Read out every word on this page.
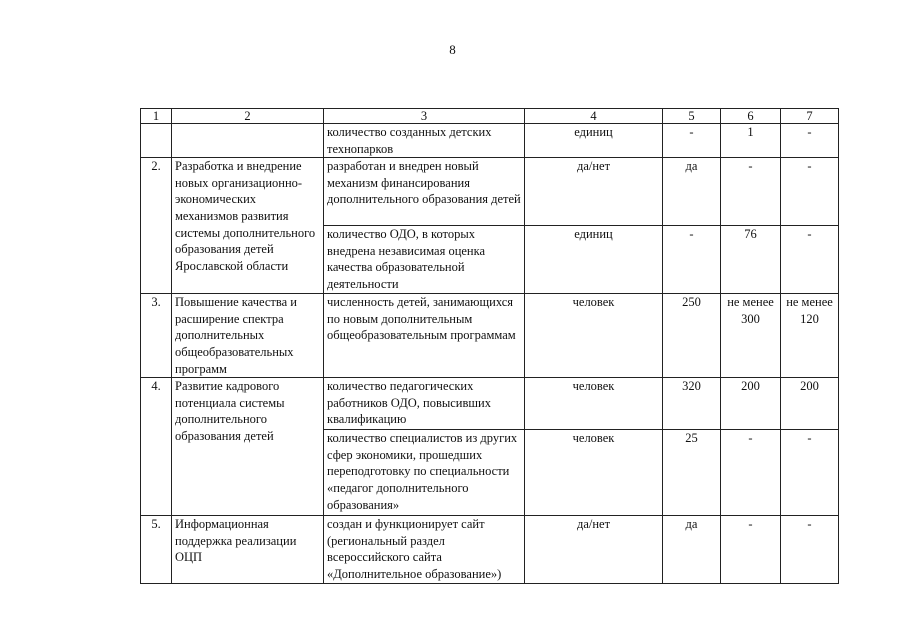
8
1	2	3	4	5	6	7
		количество созданных детских технопарков	единиц	-	1	-
2.	Разработка и внедрение новых организационно-экономических механизмов развития системы дополнительного образования детей Ярославской области	разработан и внедрен новый механизм финансирования дополнительного образования детей	да/нет	да	-	-
		количество ОДО, в которых внедрена независимая оценка качества образовательной деятельности	единиц	-	76	-
3.	Повышение качества и расширение спектра дополнительных общеобразовательных программ	численность детей, занимающихся по новым дополнительным общеобразовательным программам	человек	250	не менее 300	не менее 120
4.	Развитие кадрового потенциала системы дополнительного образования детей	количество педагогических работников ОДО, повысивших квалификацию	человек	320	200	200
		количество специалистов из других сфер экономики, прошедших переподготовку по специальности «педагог дополнительного образования»	человек	25	-	-
5.	Информационная поддержка реализации ОЦП	создан и функционирует сайт (региональный раздел всероссийского сайта «Дополнительное образование»)	да/нет	да	-	-
